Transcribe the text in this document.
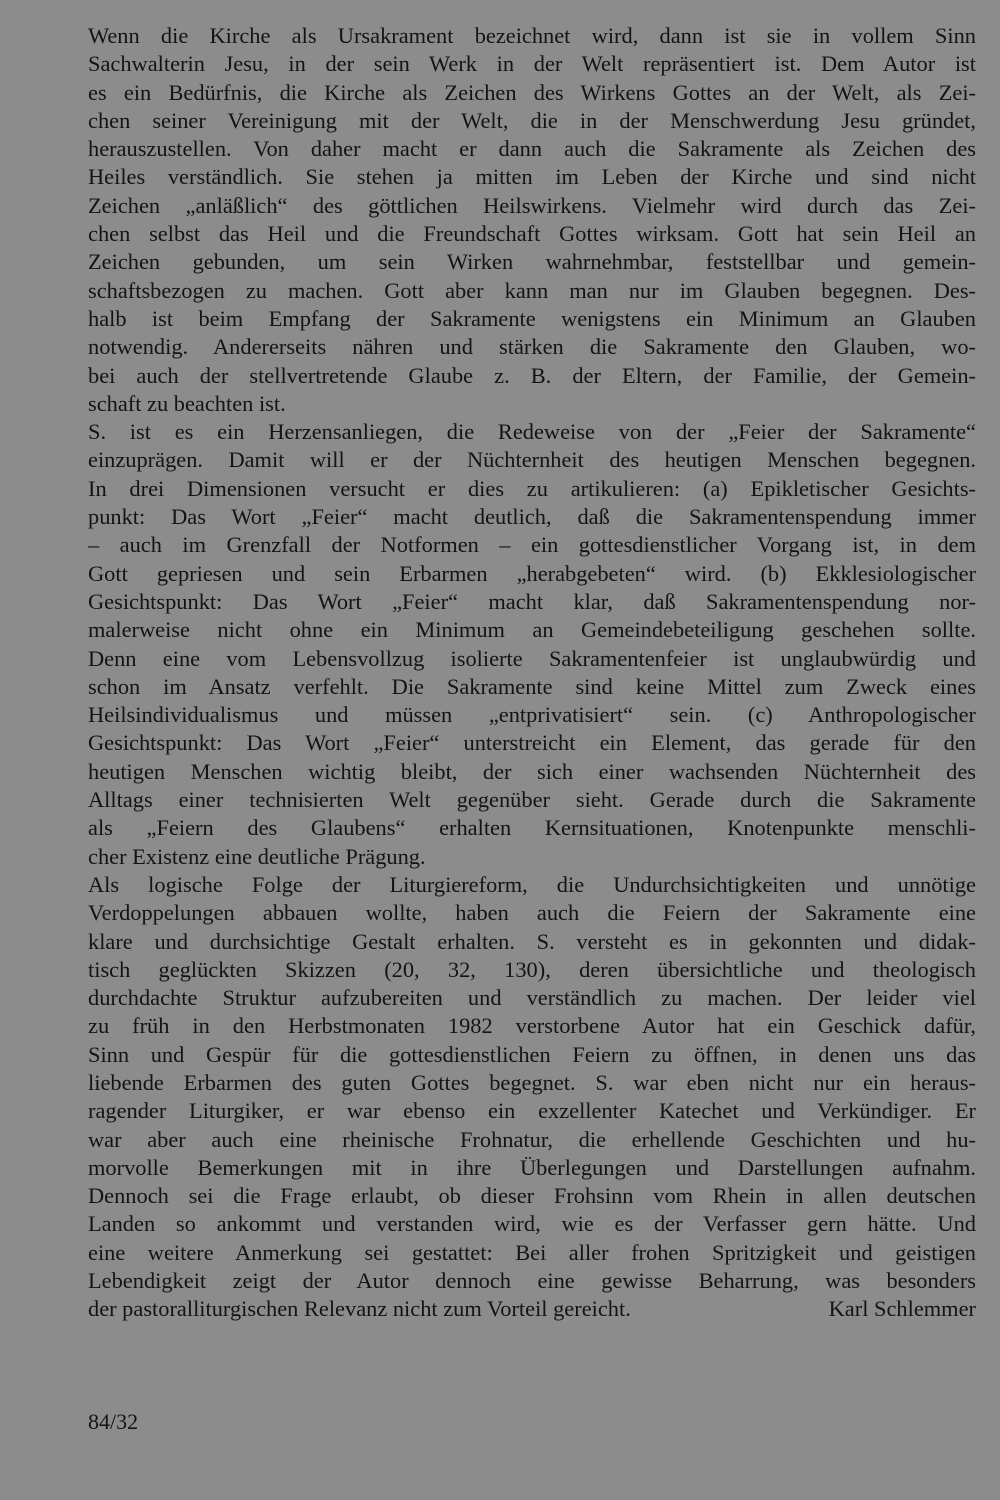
Wenn die Kirche als Ursakrament bezeichnet wird, dann ist sie in vollem Sinn
Sachwalterin Jesu, in der sein Werk in der Welt repräsentiert ist. Dem Autor ist
es ein Bedürfnis, die Kirche als Zeichen des Wirkens Gottes an der Welt, als Zei-
chen seiner Vereinigung mit der Welt, die in der Menschwerdung Jesu gründet,
herauszustellen. Von daher macht er dann auch die Sakramente als Zeichen des
Heiles verständlich. Sie stehen ja mitten im Leben der Kirche und sind nicht
Zeichen „anläßlich“ des göttlichen Heilswirkens. Vielmehr wird durch das Zei-
chen selbst das Heil und die Freundschaft Gottes wirksam. Gott hat sein Heil an
Zeichen gebunden, um sein Wirken wahrnehmbar, feststellbar und gemein-
schaftsbezogen zu machen. Gott aber kann man nur im Glauben begegnen. Des-
halb ist beim Empfang der Sakramente wenigstens ein Minimum an Glauben
notwendig. Andererseits nähren und stärken die Sakramente den Glauben, wo-
bei auch der stellvertretende Glaube z. B. der Eltern, der Familie, der Gemein-
schaft zu beachten ist.
S. ist es ein Herzensanliegen, die Redeweise von der „Feier der Sakramente“
einzuprägen. Damit will er der Nüchternheit des heutigen Menschen begegnen.
In drei Dimensionen versucht er dies zu artikulieren: (a) Epikletischer Gesichts-
punkt: Das Wort „Feier“ macht deutlich, daß die Sakramentenspendung immer
– auch im Grenzfall der Notformen – ein gottesdienstlicher Vorgang ist, in dem
Gott gepriesen und sein Erbarmen „herabgebeten“ wird. (b) Ekklesiologischer
Gesichtspunkt: Das Wort „Feier“ macht klar, daß Sakramentenspendung nor-
malerweise nicht ohne ein Minimum an Gemeindebeteiligung geschehen sollte.
Denn eine vom Lebensvollzug isolierte Sakramentenfeier ist unglaubwürdig und
schon im Ansatz verfehlt. Die Sakramente sind keine Mittel zum Zweck eines
Heilsindividualismus und müssen „entprivatisiert“ sein. (c) Anthropologischer
Gesichtspunkt: Das Wort „Feier“ unterstreicht ein Element, das gerade für den
heutigen Menschen wichtig bleibt, der sich einer wachsenden Nüchternheit des
Alltags einer technisierten Welt gegenüber sieht. Gerade durch die Sakramente
als „Feiern des Glaubens“ erhalten Kernsituationen, Knotenpunkte menschli-
cher Existenz eine deutliche Prägung.
Als logische Folge der Liturgiereform, die Undurchsichtigkeiten und unnötige
Verdoppelungen abbauen wollte, haben auch die Feiern der Sakramente eine
klare und durchsichtige Gestalt erhalten. S. versteht es in gekonnten und didak-
tisch geglückten Skizzen (20, 32, 130), deren übersichtliche und theologisch
durchdachte Struktur aufzubereiten und verständlich zu machen. Der leider viel
zu früh in den Herbstmonaten 1982 verstorbene Autor hat ein Geschick dafür,
Sinn und Gespür für die gottesdienstlichen Feiern zu öffnen, in denen uns das
liebende Erbarmen des guten Gottes begegnet. S. war eben nicht nur ein heraus-
ragender Liturgiker, er war ebenso ein exzellenter Katechet und Verkündiger. Er
war aber auch eine rheinische Frohnatur, die erhellende Geschichten und hu-
morvolle Bemerkungen mit in ihre Überlegungen und Darstellungen aufnahm.
Dennoch sei die Frage erlaubt, ob dieser Frohsinn vom Rhein in allen deutschen
Landen so ankommt und verstanden wird, wie es der Verfasser gern hätte. Und
eine weitere Anmerkung sei gestattet: Bei aller frohen Spritzigkeit und geistigen
Lebendigkeit zeigt der Autor dennoch eine gewisse Beharrung, was besonders
der pastoralliturgischen Relevanz nicht zum Vorteil gereicht.	Karl Schlemmer
84/32
